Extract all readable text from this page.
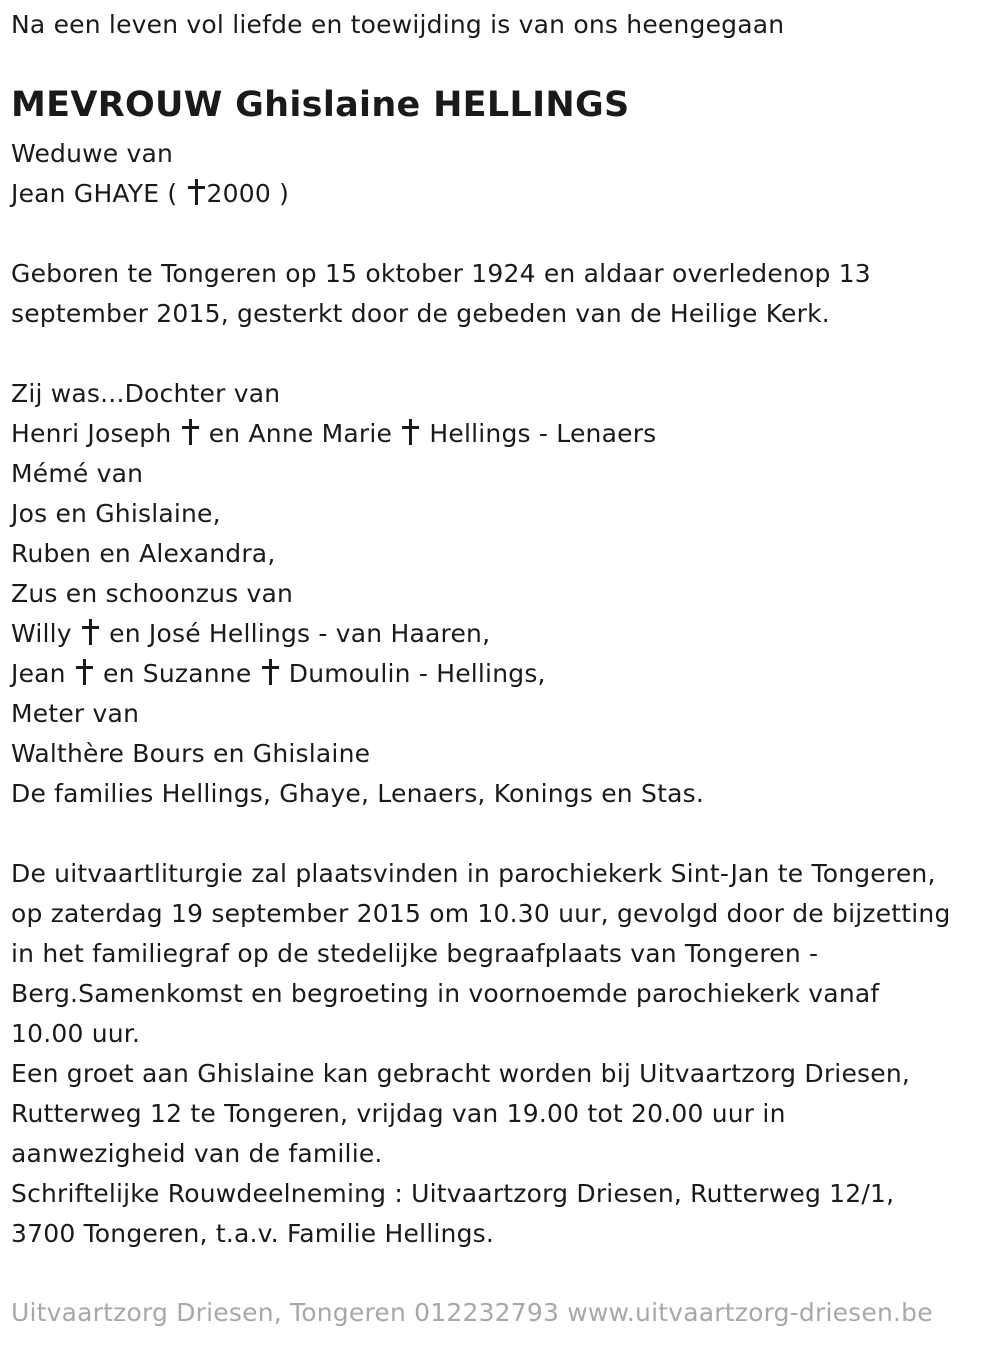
Na een leven vol liefde en toewijding is van ons heengegaan
MEVROUW Ghislaine HELLINGS
Weduwe van
Jean GHAYE ( 2000 )
Geboren te Tongeren op 15 oktober 1924 en aldaar overledenop 13
september 2015, gesterkt door de gebeden van de Heilige Kerk.
Zij was...Dochter van
Henri Joseph en Anne Marie Hellings - Lenaers
Mémé van
Jos en Ghislaine,
Ruben en Alexandra,
Zus en schoonzus van
Willy en José Hellings - van Haaren,
Jean en Suzanne Dumoulin - Hellings,
Meter van
Walthère Bours en Ghislaine
De families Hellings, Ghaye, Lenaers, Konings en Stas.
De uitvaartliturgie zal plaatsvinden in parochiekerk Sint-Jan te Tongeren,
op zaterdag 19 september 2015 om 10.30 uur, gevolgd door de bijzetting
in het familiegraf op de stedelijke begraafplaats van Tongeren -
Berg.Samenkomst en begroeting in voornoemde parochiekerk vanaf
10.00 uur.
Een groet aan Ghislaine kan gebracht worden bij Uitvaartzorg Driesen,
Rutterweg 12 te Tongeren, vrijdag van 19.00 tot 20.00 uur in
aanwezigheid van de familie.
Schriftelijke Rouwdeelneming : Uitvaartzorg Driesen, Rutterweg 12/1,
3700 Tongeren, t.a.v. Familie Hellings.
Uitvaartzorg Driesen, Tongeren 012232793 www.uitvaartzorg-driesen.be
